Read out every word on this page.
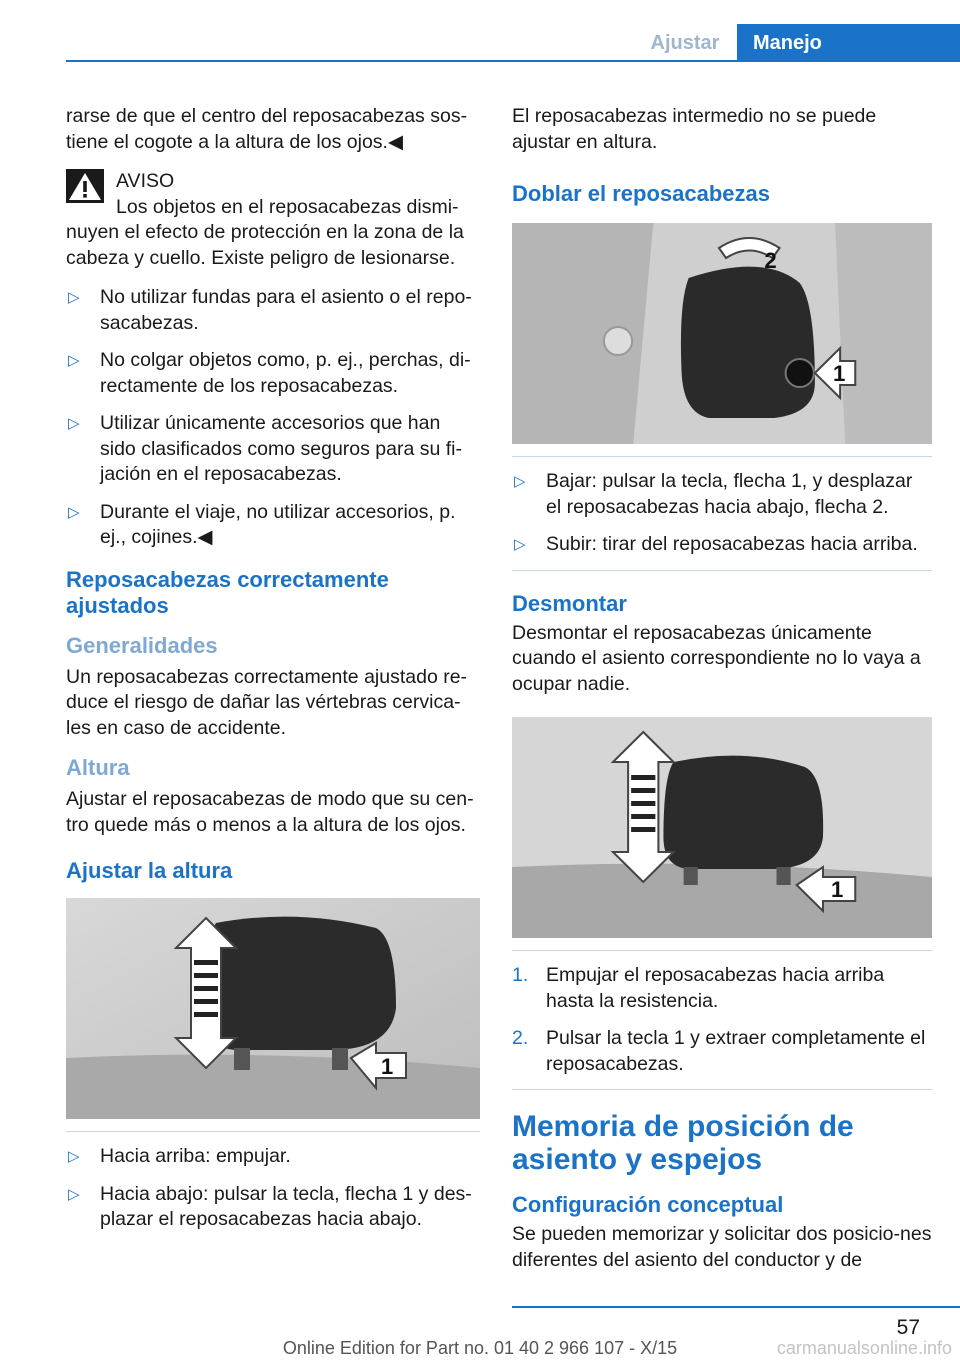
Ajustar	Manejo

rarse de que el centro del reposacabezas sos-tiene el cogote a la altura de los ojos.◀

AVISO
Los objetos en el reposacabezas dismi-

nuyen el efecto de protección en la zona de la cabeza y cuello. Existe peligro de lesionarse.

▷ No utilizar fundas para el asiento o el repo-sacabezas.
▷ No colgar objetos como, p. ej., perchas, di-rectamente de los reposacabezas.
▷ Utilizar únicamente accesorios que han sido clasificados como seguros para su fi-jación en el reposacabezas.
▷ Durante el viaje, no utilizar accesorios, p. ej., cojines.◀
Reposacabezas correctamente ajustados
Generalidades

Un reposacabezas correctamente ajustado re-duce el riesgo de dañar las vértebras cervica-les en caso de accidente.

Altura

Ajustar el reposacabezas de modo que su cen-tro quede más o menos a la altura de los ojos.

Ajustar la altura
1
▷ Hacia arriba: empujar.
▷ Hacia abajo: pulsar la tecla, flecha 1 y des-plazar el reposacabezas hacia abajo.

El reposacabezas intermedio no se puede ajustar en altura.

Doblar el reposacabezas
1
2
▷ Bajar: pulsar la tecla, flecha 1, y desplazar el reposacabezas hacia abajo, flecha 2.
▷ Subir: tirar del reposacabezas hacia arriba.
Desmontar

Desmontar el reposacabezas únicamente cuando el asiento correspondiente no lo vaya a ocupar nadie.

1
1. Empujar el reposacabezas hacia arriba hasta la resistencia.
2. Pulsar la tecla 1 y extraer completamente el reposacabezas.
Memoria de posición de asiento y espejos
Configuración conceptual

Se pueden memorizar y solicitar dos posicio-nes diferentes del asiento del conductor y de

57
Online Edition for Part no. 01 40 2 966 107 - X/15	carmanualsonline.info
